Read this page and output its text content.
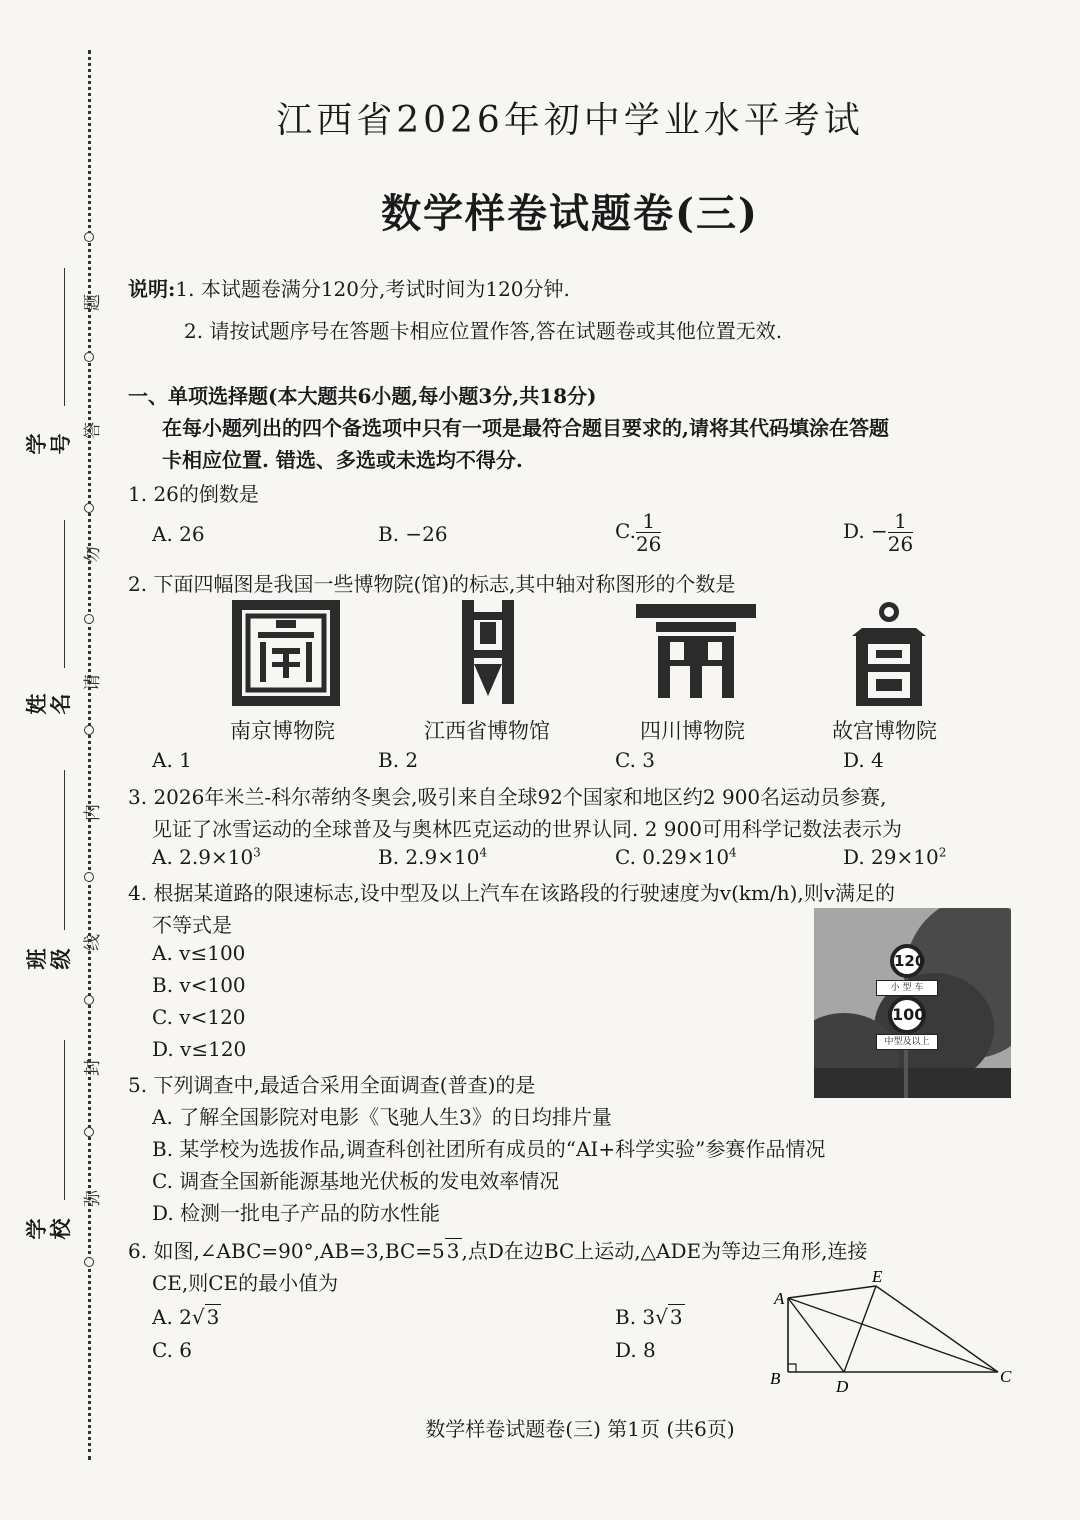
题
答
勿
请
内
线
封
弥
学号
姓名
班级
学校
江西省2026年初中学业水平考试
数学样卷试题卷(三)
说明:1. 本试题卷满分120分,考试时间为120分钟.
2. 请按试题序号在答题卡相应位置作答,答在试题卷或其他位置无效.
一、单项选择题(本大题共6小题,每小题3分,共18分)
在每小题列出的四个备选项中只有一项是最符合题目要求的,请将其代码填涂在答题
卡相应位置. 错选、多选或未选均不得分.
1. 26的倒数是
A. 26	B. −26	C. $\frac{1}{26}$	D. − $\frac{1}{26}$
2. 下面四幅图是我国一些博物院(馆)的标志,其中轴对称图形的个数是
南京博物院	江西省博物馆	四川博物院	故宫博物院
A. 1	B. 2	C. 3	D. 4
3. 2026年米兰-科尔蒂纳冬奥会,吸引来自全球92个国家和地区约2 900名运动员参赛,
见证了冰雪运动的全球普及与奥林匹克运动的世界认同. 2 900可用科学记数法表示为
A. $2.9\times 10^3$	B. $2.9\times 10^4$	C. $0.29\times 10^4$	D. $29\times 10^2$
4. 根据某道路的限速标志,设中型及以上汽车在该路段的行驶速度为v(km/h),则v满足的
不等式是
A. v≤100
B. v<100
C. v<120
D. v≤120
120
小 型 车
100
中型及以上
5. 下列调查中,最适合采用全面调查(普查)的是
A. 了解全国影院对电影《飞驰人生3》的日均排片量
B. 某学校为选拔作品,调查科创社团所有成员的“AI+科学实验”参赛作品情况
C. 调查全国新能源基地光伏板的发电效率情况
D. 检测一批电子产品的防水性能
6. 如图,∠ABC=90°,AB=3,BC=5 3 ,点D在边BC上运动,△ADE为等边三角形,连接
CE,则CE的最小值为
A. 2√ 3	B. 3√ 3
C. 6	D. 8
A
B	C
D
E
数学样卷试题卷(三) 第1页 (共6页)
